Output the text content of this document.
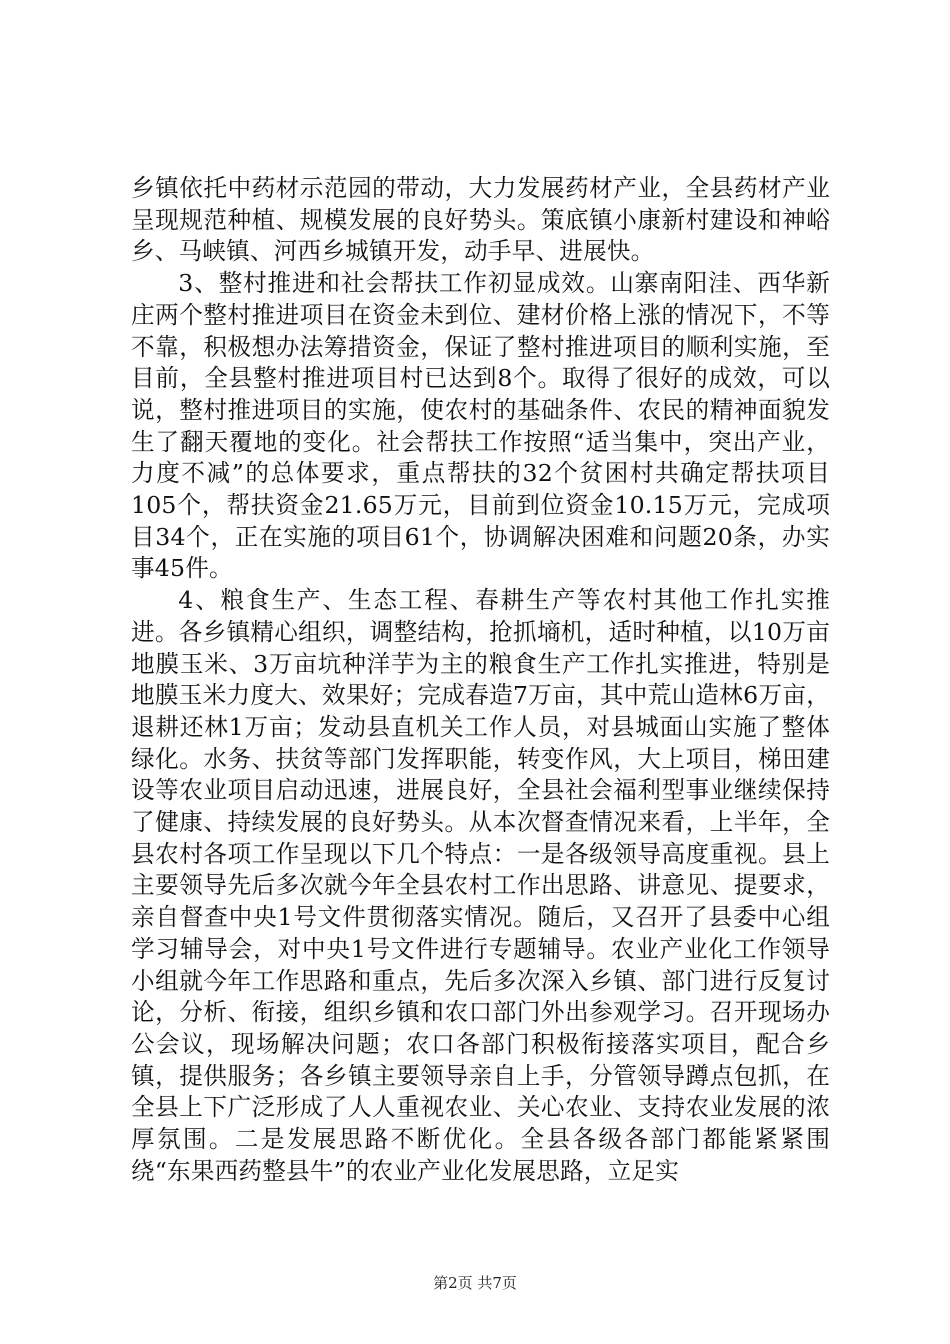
乡镇依托中药材示范园的带动，大力发展药材产业，全县药材产业呈现规范种植、规模发展的良好势头。策底镇小康新村建设和神峪乡、马峡镇、河西乡城镇开发，动手早、进展快。

3、整村推进和社会帮扶工作初显成效。山寨南阳洼、西华新庄两个整村推进项目在资金未到位、建材价格上涨的情况下，不等不靠，积极想办法筹措资金，保证了整村推进项目的顺利实施，至目前，全县整村推进项目村已达到8个。取得了很好的成效，可以说，整村推进项目的实施，使农村的基础条件、农民的精神面貌发生了翻天覆地的变化。社会帮扶工作按照“适当集中，突出产业，力度不减”的总体要求，重点帮扶的32个贫困村共确定帮扶项目105个，帮扶资金21.65万元，目前到位资金10.15万元，完成项目34个，正在实施的项目61个，协调解决困难和问题20条，办实事45件。

4、粮食生产、生态工程、春耕生产等农村其他工作扎实推进。各乡镇精心组织，调整结构，抢抓墒机，适时种植，以10万亩地膜玉米、3万亩坑种洋芋为主的粮食生产工作扎实推进，特别是地膜玉米力度大、效果好；完成春造7万亩，其中荒山造林6万亩，退耕还林1万亩；发动县直机关工作人员，对县城面山实施了整体绿化。水务、扶贫等部门发挥职能，转变作风，大上项目，梯田建设等农业项目启动迅速，进展良好，全县社会福利型事业继续保持了健康、持续发展的良好势头。从本次督查情况来看，上半年，全县农村各项工作呈现以下几个特点：一是各级领导高度重视。县上主要领导先后多次就今年全县农村工作出思路、讲意见、提要求，亲自督查中央1号文件贯彻落实情况。随后，又召开了县委中心组学习辅导会，对中央1号文件进行专题辅导。农业产业化工作领导小组就今年工作思路和重点，先后多次深入乡镇、部门进行反复讨论，分析、衔接，组织乡镇和农口部门外出参观学习。召开现场办公会议，现场解决问题；农口各部门积极衔接落实项目，配合乡镇，提供服务；各乡镇主要领导亲自上手，分管领导蹲点包抓，在全县上下广泛形成了人人重视农业、关心农业、支持农业发展的浓厚氛围。二是发展思路不断优化。全县各级各部门都能紧紧围绕“东果西药整县牛”的农业产业化发展思路，立足实

第2页 共7页
